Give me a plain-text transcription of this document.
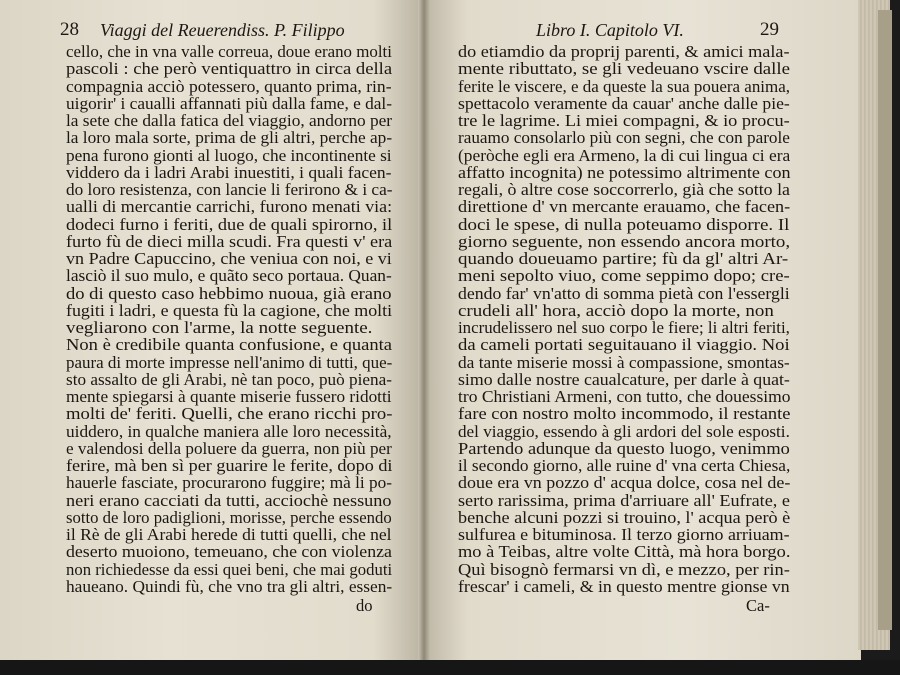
28 Viaggi del Reuerendiss. P. Filippo
cello, che in vna valle correua, doue erano molti
pascoli : che però ventiquattro in circa della
compagnia acciò potessero, quanto prima, rin-
uigorir' i caualli affannati più dalla fame, e dal-
la sete che dalla fatica del viaggio, andorno per
la loro mala sorte, prima de gli altri, perche ap-
pena furono gionti al luogo, che incontinente si
viddero da i ladri Arabi inuestiti, i quali facen-
do loro resistenza, con lancie li ferirono & i ca-
ualli di mercantie carrichi, furono menati via:
dodeci furno i feriti, due de quali spirorno, il
furto fù de dieci milla scudi. Fra questi v' era
vn Padre Capuccino, che veniua con noi, e vi
lasciò il suo mulo, e quãto seco portaua. Quan-
do di questo caso hebbimo nuoua, già erano
fugiti i ladri, e questa fù la cagione, che molti
vegliarono con l'arme, la notte seguente.
Non è credibile quanta confusione, e quanta
paura di morte impresse nell'animo di tutti, que-
sto assalto de gli Arabi, nè tan poco, può piena-
mente spiegarsi à quante miserie fussero ridotti
molti de' feriti. Quelli, che erano ricchi pro-
uiddero, in qualche maniera alle loro necessità,
e valendosi della poluere da guerra, non più per
ferire, mà ben sì per guarire le ferite, dopo di
hauerle fasciate, procurarono fuggire; mà li po-
neri erano cacciati da tutti, acciochè nessuno
sotto de loro padiglioni, morisse, perche essendo
il Rè de gli Arabi herede di tutti quelli, che nel
deserto muoiono, temeuano, che con violenza
non richiedesse da essi quei beni, che mai goduti
haueano. Quindi fù, che vno tra gli altri, essen-
do
Libro I. Capitolo VI.	29
do etiamdio da proprij parenti, & amici mala-
mente ributtato, se gli vedeuano vscire dalle
ferite le viscere, e da queste la sua pouera anima,
spettacolo veramente da cauar' anche dalle pie-
tre le lagrime. Li miei compagni, & io procu-
rauamo consolarlo più con segni, che con parole
(peròche egli era Armeno, la di cui lingua ci era
affatto incognita) ne potessimo altrimente con
regali, ò altre cose soccorrerlo, già che sotto la
direttione d' vn mercante erauamo, che facen-
doci le spese, di nulla poteuamo disporre. Il
giorno seguente, non essendo ancora morto,
quando doueuamo partire; fù da gl' altri Ar-
meni sepolto viuo, come seppimo dopo; cre-
dendo far' vn'atto di somma pietà con l'essergli
crudeli all' hora, acciò dopo la morte, non
incrudelissero nel suo corpo le fiere; li altri feriti,
da cameli portati seguitauano il viaggio. Noi
da tante miserie mossi à compassione, smontas-
simo dalle nostre caualcature, per darle à quat-
tro Christiani Armeni, con tutto, che douessimo
fare con nostro molto incommodo, il restante
del viaggio, essendo à gli ardori del sole esposti.
Partendo adunque da questo luogo, venimmo
il secondo giorno, alle ruine d' vna certa Chiesa,
doue era vn pozzo d' acqua dolce, cosa nel de-
serto rarissima, prima d'arriuare all' Eufrate, e
benche alcuni pozzi si trouino, l' acqua però è
sulfurea e bituminosa. Il terzo giorno arriuam-
mo à Teibas, altre volte Città, mà hora borgo.
Quì bisognò fermarsi vn dì, e mezzo, per rin-
frescar' i cameli, & in questo mentre gionse vn
Ca-
